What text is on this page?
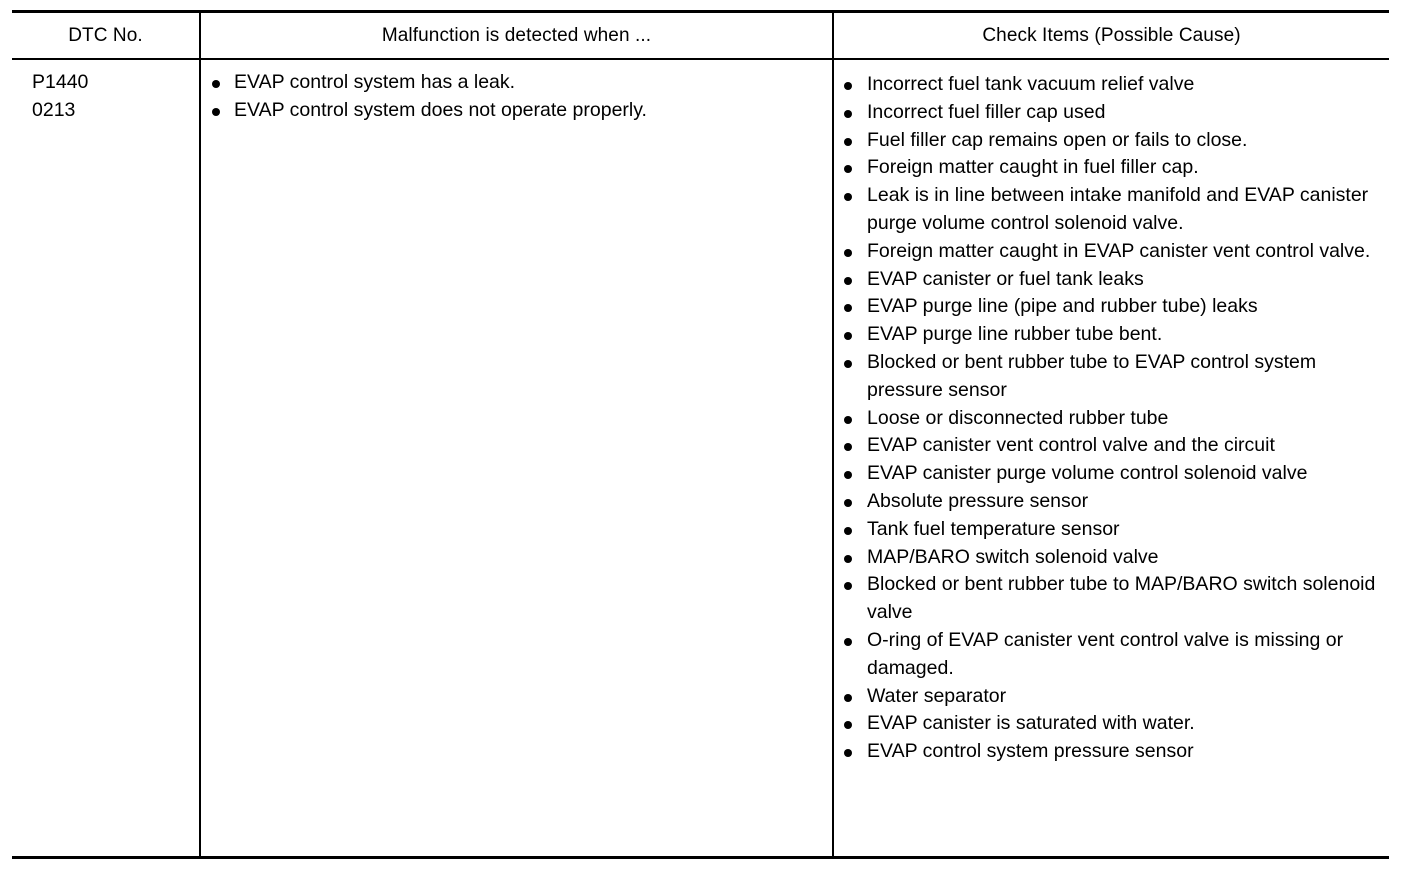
DTC No.	Malfunction is detected when ...	Check Items (Possible Cause)
P1440
0213
EVAP control system has a leak.
EVAP control system does not operate properly.
Incorrect fuel tank vacuum relief valve
Incorrect fuel filler cap used
Fuel filler cap remains open or fails to close.
Foreign matter caught in fuel filler cap.
Leak is in line between intake manifold and EVAP canister purge volume control solenoid valve.
Foreign matter caught in EVAP canister vent control valve.
EVAP canister or fuel tank leaks
EVAP purge line (pipe and rubber tube) leaks
EVAP purge line rubber tube bent.
Blocked or bent rubber tube to EVAP control system pressure sensor
Loose or disconnected rubber tube
EVAP canister vent control valve and the circuit
EVAP canister purge volume control solenoid valve
Absolute pressure sensor
Tank fuel temperature sensor
MAP/BARO switch solenoid valve
Blocked or bent rubber tube to MAP/BARO switch solenoid valve
O-ring of EVAP canister vent control valve is missing or damaged.
Water separator
EVAP canister is saturated with water.
EVAP control system pressure sensor
